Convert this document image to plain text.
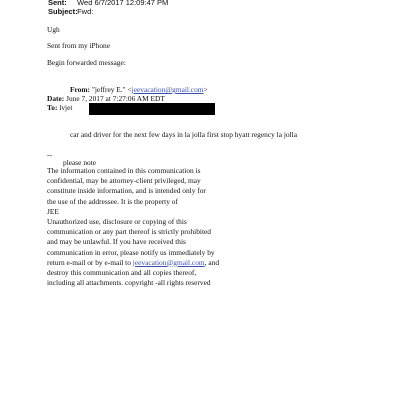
Sent: Wed 6/7/2017 12:09:47 PM
Subject: Fwd:
Ugh
Sent from my iPhone
Begin forwarded message:
From: "jeffrey E." <jeevacation@gmail.com>
Date: June 7, 2017 at 7:27:06 AM EDT
To: lvjet
car and driver for the next few days in la jolla first stop hyatt regency la jolla
--
please note
The information contained in this communication is
confidential, may be attorney-client privileged, may
constitute inside information, and is intended only for
the use of the addressee. It is the property of
JEE
Unauthorized use, disclosure or copying of this
communication or any part thereof is strictly prohibited
and may be unlawful. If you have received this
communication in error, please notify us immediately by
return e-mail or by e-mail to jeevacation@gmail.com, and
destroy this communication and all copies thereof,
including all attachments. copyright -all rights reserved
